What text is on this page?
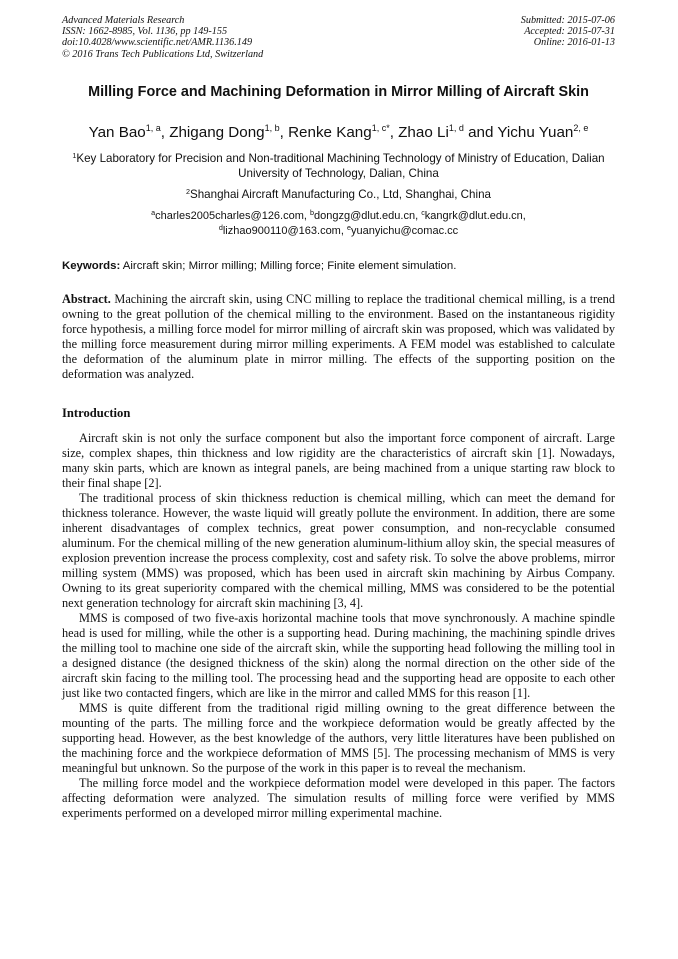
Advanced Materials Research
ISSN: 1662-8985, Vol. 1136, pp 149-155
doi:10.4028/www.scientific.net/AMR.1136.149
© 2016 Trans Tech Publications Ltd, Switzerland
Submitted: 2015-07-06
Accepted: 2015-07-31
Online: 2016-01-13
Milling Force and Machining Deformation in Mirror Milling of Aircraft Skin
Yan Bao$^{1, a}$, Zhigang Dong$^{1, b}$, Renke Kang$^{1, c*}$, Zhao Li$^{1, d}$ and Yichu Yuan$^{2, e}$
$^1$Key Laboratory for Precision and Non-traditional Machining Technology of Ministry of Education, Dalian University of Technology, Dalian, China
$^2$Shanghai Aircraft Manufacturing Co., Ltd, Shanghai, China
$^a$charles2005charles@126.com, $^b$dongzg@dlut.edu.cn, $^c$kangrk@dlut.edu.cn,
$^d$lizhao900110@163.com, $^e$yuanyichu@comac.cc
Keywords: Aircraft skin; Mirror milling; Milling force; Finite element simulation.
Abstract. Machining the aircraft skin, using CNC milling to replace the traditional chemical milling, is a trend owning to the great pollution of the chemical milling to the environment. Based on the instantaneous rigidity force hypothesis, a milling force model for mirror milling of aircraft skin was proposed, which was validated by the milling force measurement during mirror milling experiments. A FEM model was established to calculate the deformation of the aluminum plate in mirror milling. The effects of the supporting position on the deformation was analyzed.
Introduction

Aircraft skin is not only the surface component but also the important force component of aircraft. Large size, complex shapes, thin thickness and low rigidity are the characteristics of aircraft skin [1]. Nowadays, many skin parts, which are known as integral panels, are being machined from a unique starting raw block to their final shape [2].

The traditional process of skin thickness reduction is chemical milling, which can meet the demand for thickness tolerance. However, the waste liquid will greatly pollute the environment. In addition, there are some inherent disadvantages of complex technics, great power consumption, and non-recyclable consumed aluminum. For the chemical milling of the new generation aluminum-lithium alloy skin, the special measures of explosion prevention increase the process complexity, cost and safety risk. To solve the above problems, mirror milling system (MMS) was proposed, which has been used in aircraft skin machining by Airbus Company. Owning to its great superiority compared with the chemical milling, MMS was considered to be the potential next generation technology for aircraft skin machining [3, 4].

MMS is composed of two five-axis horizontal machine tools that move synchronously. A machine spindle head is used for milling, while the other is a supporting head. During machining, the machining spindle drives the milling tool to machine one side of the aircraft skin, while the supporting head following the milling tool in a designed distance (the designed thickness of the skin) along the normal direction on the other side of the aircraft skin facing to the milling tool. The processing head and the supporting head are opposite to each other just like two contacted fingers, which are like in the mirror and called MMS for this reason [1].

MMS is quite different from the traditional rigid milling owning to the great difference between the mounting of the parts. The milling force and the workpiece deformation would be greatly affected by the supporting head. However, as the best knowledge of the authors, very little literatures have been published on the machining force and the workpiece deformation of MMS [5]. The processing mechanism of MMS is very meaningful but unknown. So the purpose of the work in this paper is to reveal the mechanism.

The milling force model and the workpiece deformation model were developed in this paper. The factors affecting deformation were analyzed. The simulation results of milling force were verified by MMS experiments performed on a developed mirror milling experimental machine.
